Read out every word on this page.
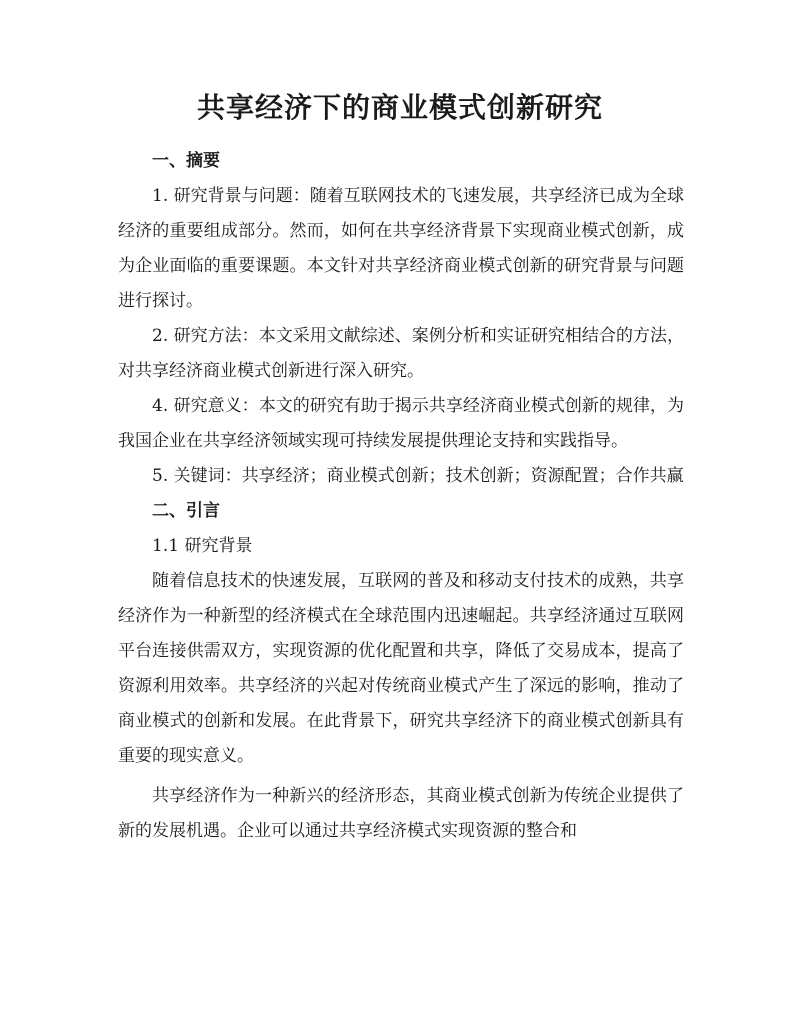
共享经济下的商业模式创新研究

一、摘要

1. 研究背景与问题：随着互联网技术的飞速发展，共享经济已成为全球经济的重要组成部分。然而，如何在共享经济背景下实现商业模式创新，成为企业面临的重要课题。本文针对共享经济商业模式创新的研究背景与问题进行探讨。

2. 研究方法：本文采用文献综述、案例分析和实证研究相结合的方法，对共享经济商业模式创新进行深入研究。

4. 研究意义：本文的研究有助于揭示共享经济商业模式创新的规律，为我国企业在共享经济领域实现可持续发展提供理论支持和实践指导。

5. 关键词：共享经济；商业模式创新；技术创新；资源配置；合作共赢

二、引言

1.1 研究背景

随着信息技术的快速发展，互联网的普及和移动支付技术的成熟，共享经济作为一种新型的经济模式在全球范围内迅速崛起。共享经济通过互联网平台连接供需双方，实现资源的优化配置和共享，降低了交易成本，提高了资源利用效率。共享经济的兴起对传统商业模式产生了深远的影响，推动了商业模式的创新和发展。在此背景下，研究共享经济下的商业模式创新具有重要的现实意义。

共享经济作为一种新兴的经济形态，其商业模式创新为传统企业提供了新的发展机遇。企业可以通过共享经济模式实现资源的整合和
